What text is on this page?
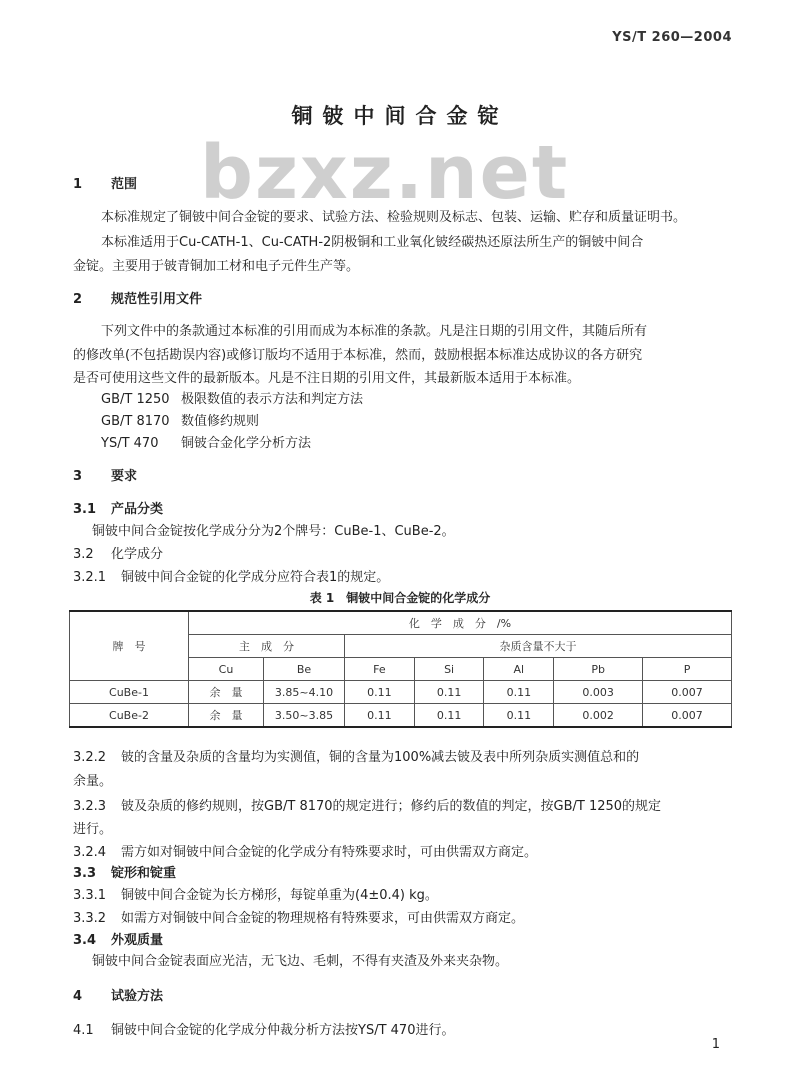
YS/T 260—2004
铜铍中间合金锭
bzxz.net
1 范围
本标准规定了铜铍中间合金锭的要求、试验方法、检验规则及标志、包装、运输、贮存和质量证明书。
本标准适用于Cu-CATH-1、Cu-CATH-2阴极铜和工业氧化铍经碳热还原法所生产的铜铍中间合
金锭。主要用于铍青铜加工材和电子元件生产等。
2 规范性引用文件
下列文件中的条款通过本标准的引用而成为本标准的条款。凡是注日期的引用文件，其随后所有
的修改单(不包括勘误内容)或修订版均不适用于本标准，然而，鼓励根据本标准达成协议的各方研究
是否可使用这些文件的最新版本。凡是不注日期的引用文件，其最新版本适用于本标准。
GB/T 1250 极限数值的表示方法和判定方法
GB/T 8170 数值修约规则
YS/T 470 铜铍合金化学分析方法
3 要求
3.1 产品分类
铜铍中间合金锭按化学成分分为2个牌号：CuBe-1、CuBe-2。
3.2 化学成分
3.2.1 铜铍中间合金锭的化学成分应符合表1的规定。
表 1　铜铍中间合金锭的化学成分
牌　号	化　学　成　分　/%						
	主　成　分		杂质含量不大于				
	Cu	Be	Fe	Si	Al	Pb	P
CuBe-1	余　量	3.85~4.10	0.11	0.11	0.11	0.003	0.007
CuBe-2	余　量	3.50~3.85	0.11	0.11	0.11	0.002	0.007
3.2.2 铍的含量及杂质的含量均为实测值，铜的含量为100%减去铍及表中所列杂质实测值总和的
余量。
3.2.3 铍及杂质的修约规则，按GB/T 8170的规定进行；修约后的数值的判定，按GB/T 1250的规定
进行。
3.2.4 需方如对铜铍中间合金锭的化学成分有特殊要求时，可由供需双方商定。
3.3 锭形和锭重
3.3.1 铜铍中间合金锭为长方梯形，每锭单重为(4±0.4) kg。
3.3.2 如需方对铜铍中间合金锭的物理规格有特殊要求，可由供需双方商定。
3.4 外观质量
铜铍中间合金锭表面应光洁，无飞边、毛刺，不得有夹渣及外来夹杂物。
4 试验方法
4.1 铜铍中间合金锭的化学成分仲裁分析方法按YS/T 470进行。
1
